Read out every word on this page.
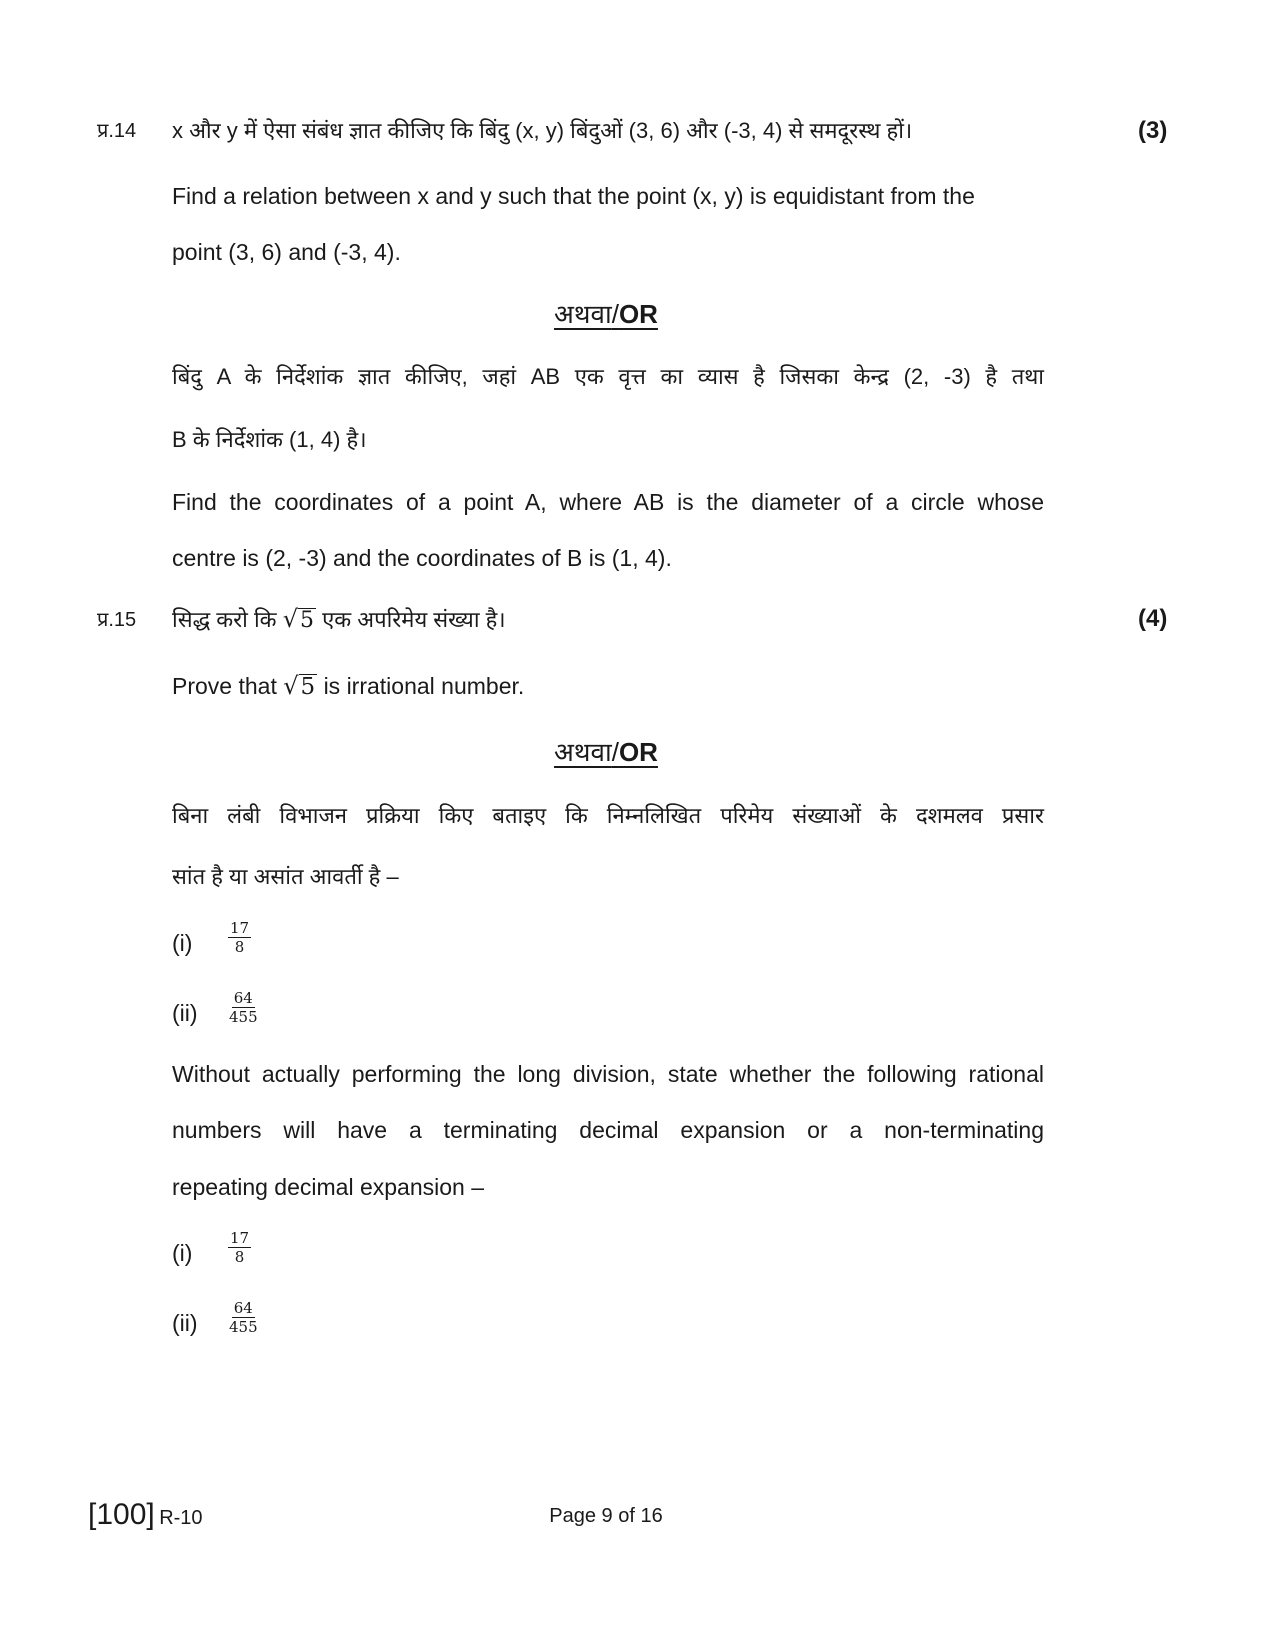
प्र.14 x और y में ऐसा संबंध ज्ञात कीजिए कि बिंदु (x, y) बिंदुओं (3, 6) और (-3, 4) से समदूरस्थ हों।	(3)
Find a relation between x and y such that the point (x, y) is equidistant from the
point (3, 6) and (-3, 4).
अथवा/OR
बिंदु A के निर्देशांक ज्ञात कीजिए, जहां AB एक वृत्त का व्यास है जिसका केन्द्र (2, -3) है तथा
B के निर्देशांक (1, 4) है।
Find the coordinates of a point A, where AB is the diameter of a circle whose
centre is (2, -3) and the coordinates of B is (1, 4).
प्र.15 सिद्ध करो कि √5 एक अपरिमेय संख्या है।	(4)
Prove that √5 is irrational number.
अथवा/OR
बिना लंबी विभाजन प्रक्रिया किए बताइए कि निम्नलिखित परिमेय संख्याओं के दशमलव प्रसार
सांत है या असांत आवर्ती है –
$(i) \frac{17}{8}$
$(ii) \frac{64}{455}$
Without actually performing the long division, state whether the following rational
numbers will have a terminating decimal expansion or a non-terminating
repeating decimal expansion –
$(i) \frac{17}{8}$
$(ii) \frac{64}{455}$
[100] R-10	Page 9 of 16
